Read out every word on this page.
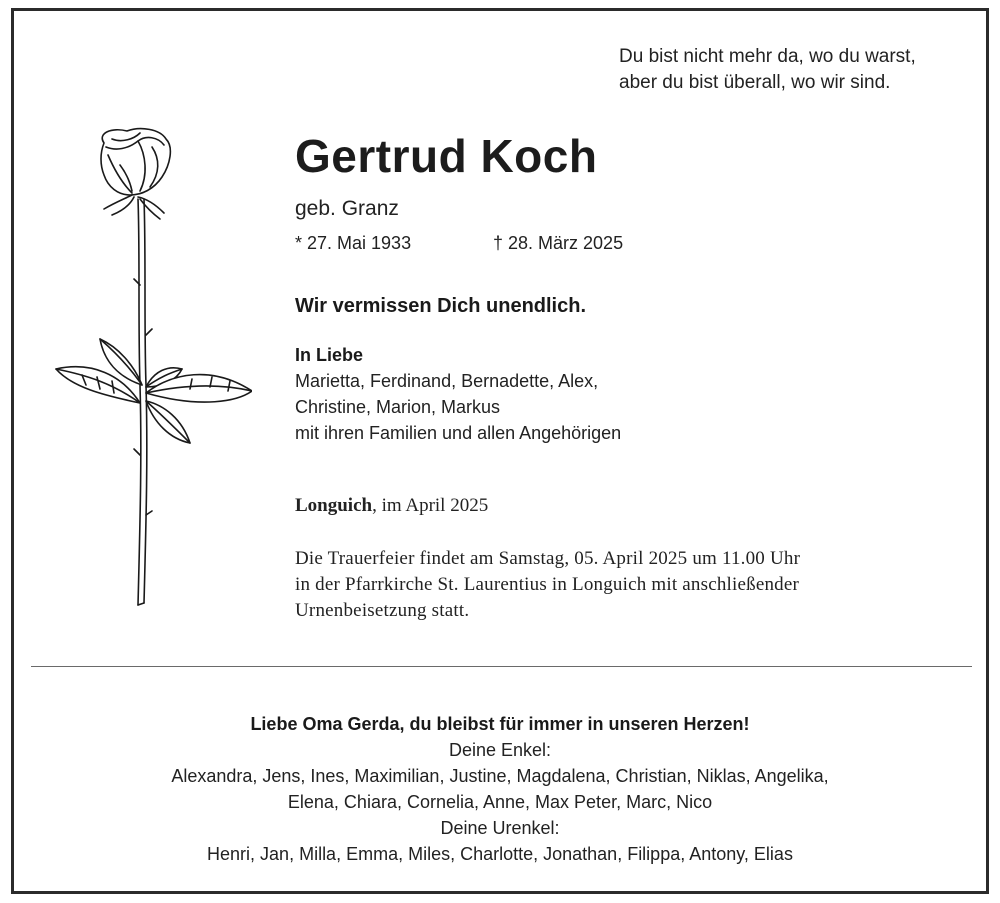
Du bist nicht mehr da, wo du warst,
aber du bist überall, wo wir sind.
Gertrud Koch
geb. Granz
* 27. Mai 1933	† 28. März 2025
Wir vermissen Dich unendlich.
In Liebe
Marietta, Ferdinand, Bernadette, Alex,
Christine, Marion, Markus
mit ihren Familien und allen Angehörigen
Longuich, im April 2025
Die Trauerfeier findet am Samstag, 05. April 2025 um 11.00 Uhr
in der Pfarrkirche St. Laurentius in Longuich mit anschließender
Urnenbeisetzung statt.
Liebe Oma Gerda, du bleibst für immer in unseren Herzen!
Deine Enkel:
Alexandra, Jens, Ines, Maximilian, Justine, Magdalena, Christian, Niklas, Angelika,
Elena, Chiara, Cornelia, Anne, Max Peter, Marc, Nico
Deine Urenkel:
Henri, Jan, Milla, Emma, Miles, Charlotte, Jonathan, Filippa, Antony, Elias
